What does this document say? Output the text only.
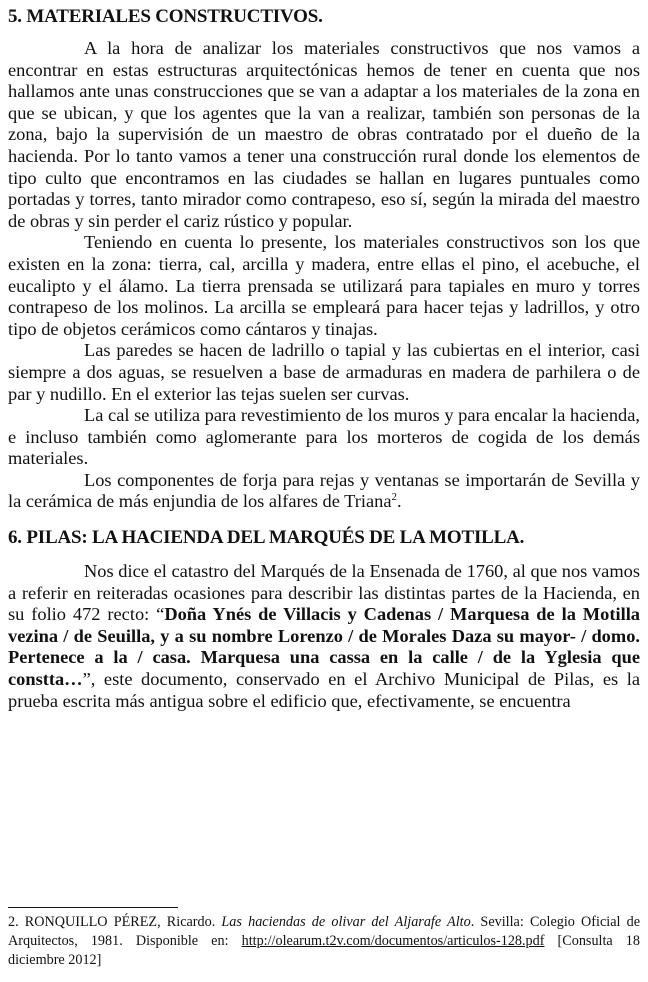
5. MATERIALES CONSTRUCTIVOS.

A la hora de analizar los materiales constructivos que nos vamos a encontrar en estas estructuras arquitectónicas hemos de tener en cuenta que nos hallamos ante unas construcciones que se van a adaptar a los materiales de la zona en que se ubican, y que los agentes que la van a realizar, también son personas de la zona, bajo la supervisión de un maestro de obras contratado por el dueño de la hacienda. Por lo tanto vamos a tener una construcción rural donde los elementos de tipo culto que encontramos en las ciudades se hallan en lugares puntuales como portadas y torres, tanto mirador como contrapeso, eso sí, según la mirada del maestro de obras y sin perder el cariz rústico y popular.

Teniendo en cuenta lo presente, los materiales constructivos son los que existen en la zona: tierra, cal, arcilla y madera, entre ellas el pino, el acebuche, el eucalipto y el álamo. La tierra prensada se utilizará para tapiales en muro y torres contrapeso de los molinos. La arcilla se empleará para hacer tejas y ladrillos, y otro tipo de objetos cerámicos como cántaros y tinajas.

Las paredes se hacen de ladrillo o tapial y las cubiertas en el interior, casi siempre a dos aguas, se resuelven a base de armaduras en madera de parhilera o de par y nudillo. En el exterior las tejas suelen ser curvas.

La cal se utiliza para revestimiento de los muros y para encalar la hacienda, e incluso también como aglomerante para los morteros de cogida de los demás materiales.

Los componentes de forja para rejas y ventanas se importarán de Sevilla y la cerámica de más enjundia de los alfares de Triana$^2$.

6. PILAS: LA HACIENDA DEL MARQUÉS DE LA MOTILLA.

Nos dice el catastro del Marqués de la Ensenada de 1760, al que nos vamos a referir en reiteradas ocasiones para describir las distintas partes de la Hacienda, en su folio 472 recto: “Doña Ynés de Villacis y Cadenas / Marquesa de la Motilla vezina / de Seuilla, y a su nombre Lorenzo / de Morales Daza su mayor- / domo. Pertenece a la / casa. Marquesa una cassa en la calle / de la Yglesia que constta…”, este documento, conservado en el Archivo Municipal de Pilas, es la prueba escrita más antigua sobre el edificio que, efectivamente, se encuentra

2. RONQUILLO PÉREZ, Ricardo. Las haciendas de olivar del Aljarafe Alto. Sevilla: Colegio Oficial de Arquitectos, 1981. Disponible en: http://olearum.t2v.com/documentos/articulos-128.pdf [Consulta 18 diciembre 2012]
